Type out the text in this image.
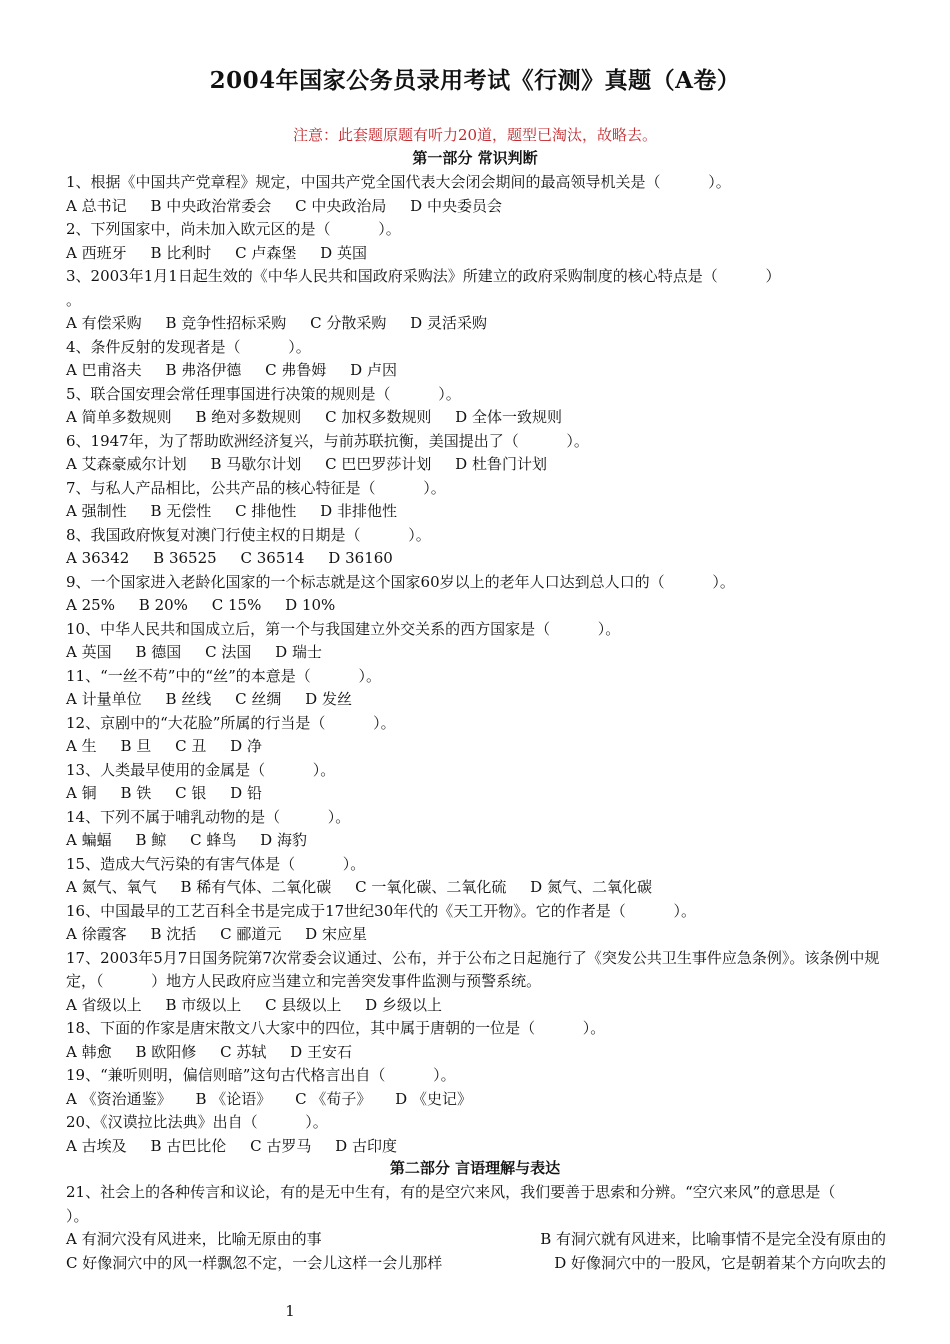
2004年国家公务员录用考试《行测》真题（A卷）
注意：此套题原题有听力20道，题型已淘汰，故略去。
第一部分 常识判断
1、根据《中国共产党章程》规定，中国共产党全国代表大会闭会期间的最高领导机关是（          ）。
A 总书记     B 中央政治常委会     C 中央政治局     D 中央委员会
2、下列国家中，尚未加入欧元区的是（          ）。
A 西班牙     B 比利时     C 卢森堡     D 英国
3、2003年1月1日起生效的《中华人民共和国政府采购法》所建立的政府采购制度的核心特点是（          ）
。
A 有偿采购     B 竞争性招标采购     C 分散采购     D 灵活采购
4、条件反射的发现者是（          ）。
A 巴甫洛夫     B 弗洛伊德     C 弗鲁姆     D 卢因
5、联合国安理会常任理事国进行决策的规则是（          ）。
A 简单多数规则     B 绝对多数规则     C 加权多数规则     D 全体一致规则
6、1947年，为了帮助欧洲经济复兴，与前苏联抗衡，美国提出了（          ）。
A 艾森豪威尔计划     B 马歇尔计划     C 巴巴罗莎计划     D 杜鲁门计划
7、与私人产品相比，公共产品的核心特征是（          ）。
A 强制性     B 无偿性     C 排他性     D 非排他性
8、我国政府恢复对澳门行使主权的日期是（          ）。
A 36342     B 36525     C 36514     D 36160
9、一个国家进入老龄化国家的一个标志就是这个国家60岁以上的老年人口达到总人口的（          ）。
A 25%     B 20%     C 15%     D 10%
10、中华人民共和国成立后，第一个与我国建立外交关系的西方国家是（          ）。
A 英国     B 德国     C 法国     D 瑞士
11、“一丝不苟”中的“丝”的本意是（          ）。
A 计量单位     B 丝线     C 丝绸     D 发丝
12、京剧中的“大花脸”所属的行当是（          ）。
A 生     B 旦     C 丑     D 净
13、人类最早使用的金属是（          ）。
A 铜     B 铁     C 银     D 铅
14、下列不属于哺乳动物的是（          ）。
A 蝙蝠     B 鲸     C 蜂鸟     D 海豹
15、造成大气污染的有害气体是（          ）。
A 氮气、氧气     B 稀有气体、二氧化碳     C 一氧化碳、二氧化硫     D 氮气、二氧化碳
16、中国最早的工艺百科全书是完成于17世纪30年代的《天工开物》。它的作者是（          ）。
A 徐霞客     B 沈括     C 郦道元     D 宋应星
17、2003年5月7日国务院第7次常委会议通过、公布，并于公布之日起施行了《突发公共卫生事件应急条例》。该条例中规定，（          ）地方人民政府应当建立和完善突发事件监测与预警系统。
A 省级以上     B 市级以上     C 县级以上     D 乡级以上
18、下面的作家是唐宋散文八大家中的四位，其中属于唐朝的一位是（          ）。
A 韩愈     B 欧阳修     C 苏轼     D 王安石
19、“兼听则明，偏信则暗”这句古代格言出自（          ）。
A 《资治通鉴》     B 《论语》     C 《荀子》     D 《史记》
20、《汉谟拉比法典》出自（          ）。
A 古埃及     B 古巴比伦     C 古罗马     D 古印度
第二部分 言语理解与表达
21、社会上的各种传言和议论，有的是无中生有，有的是空穴来风，我们要善于思索和分辨。“空穴来风”的意思是（          ）。
A 有洞穴没有风进来，比喻无原由的事	B 有洞穴就有风进来，比喻事情不是完全没有原由的
C 好像洞穴中的风一样飘忽不定，一会儿这样一会儿那样	D 好像洞穴中的一股风，它是朝着某个方向吹去的
1
